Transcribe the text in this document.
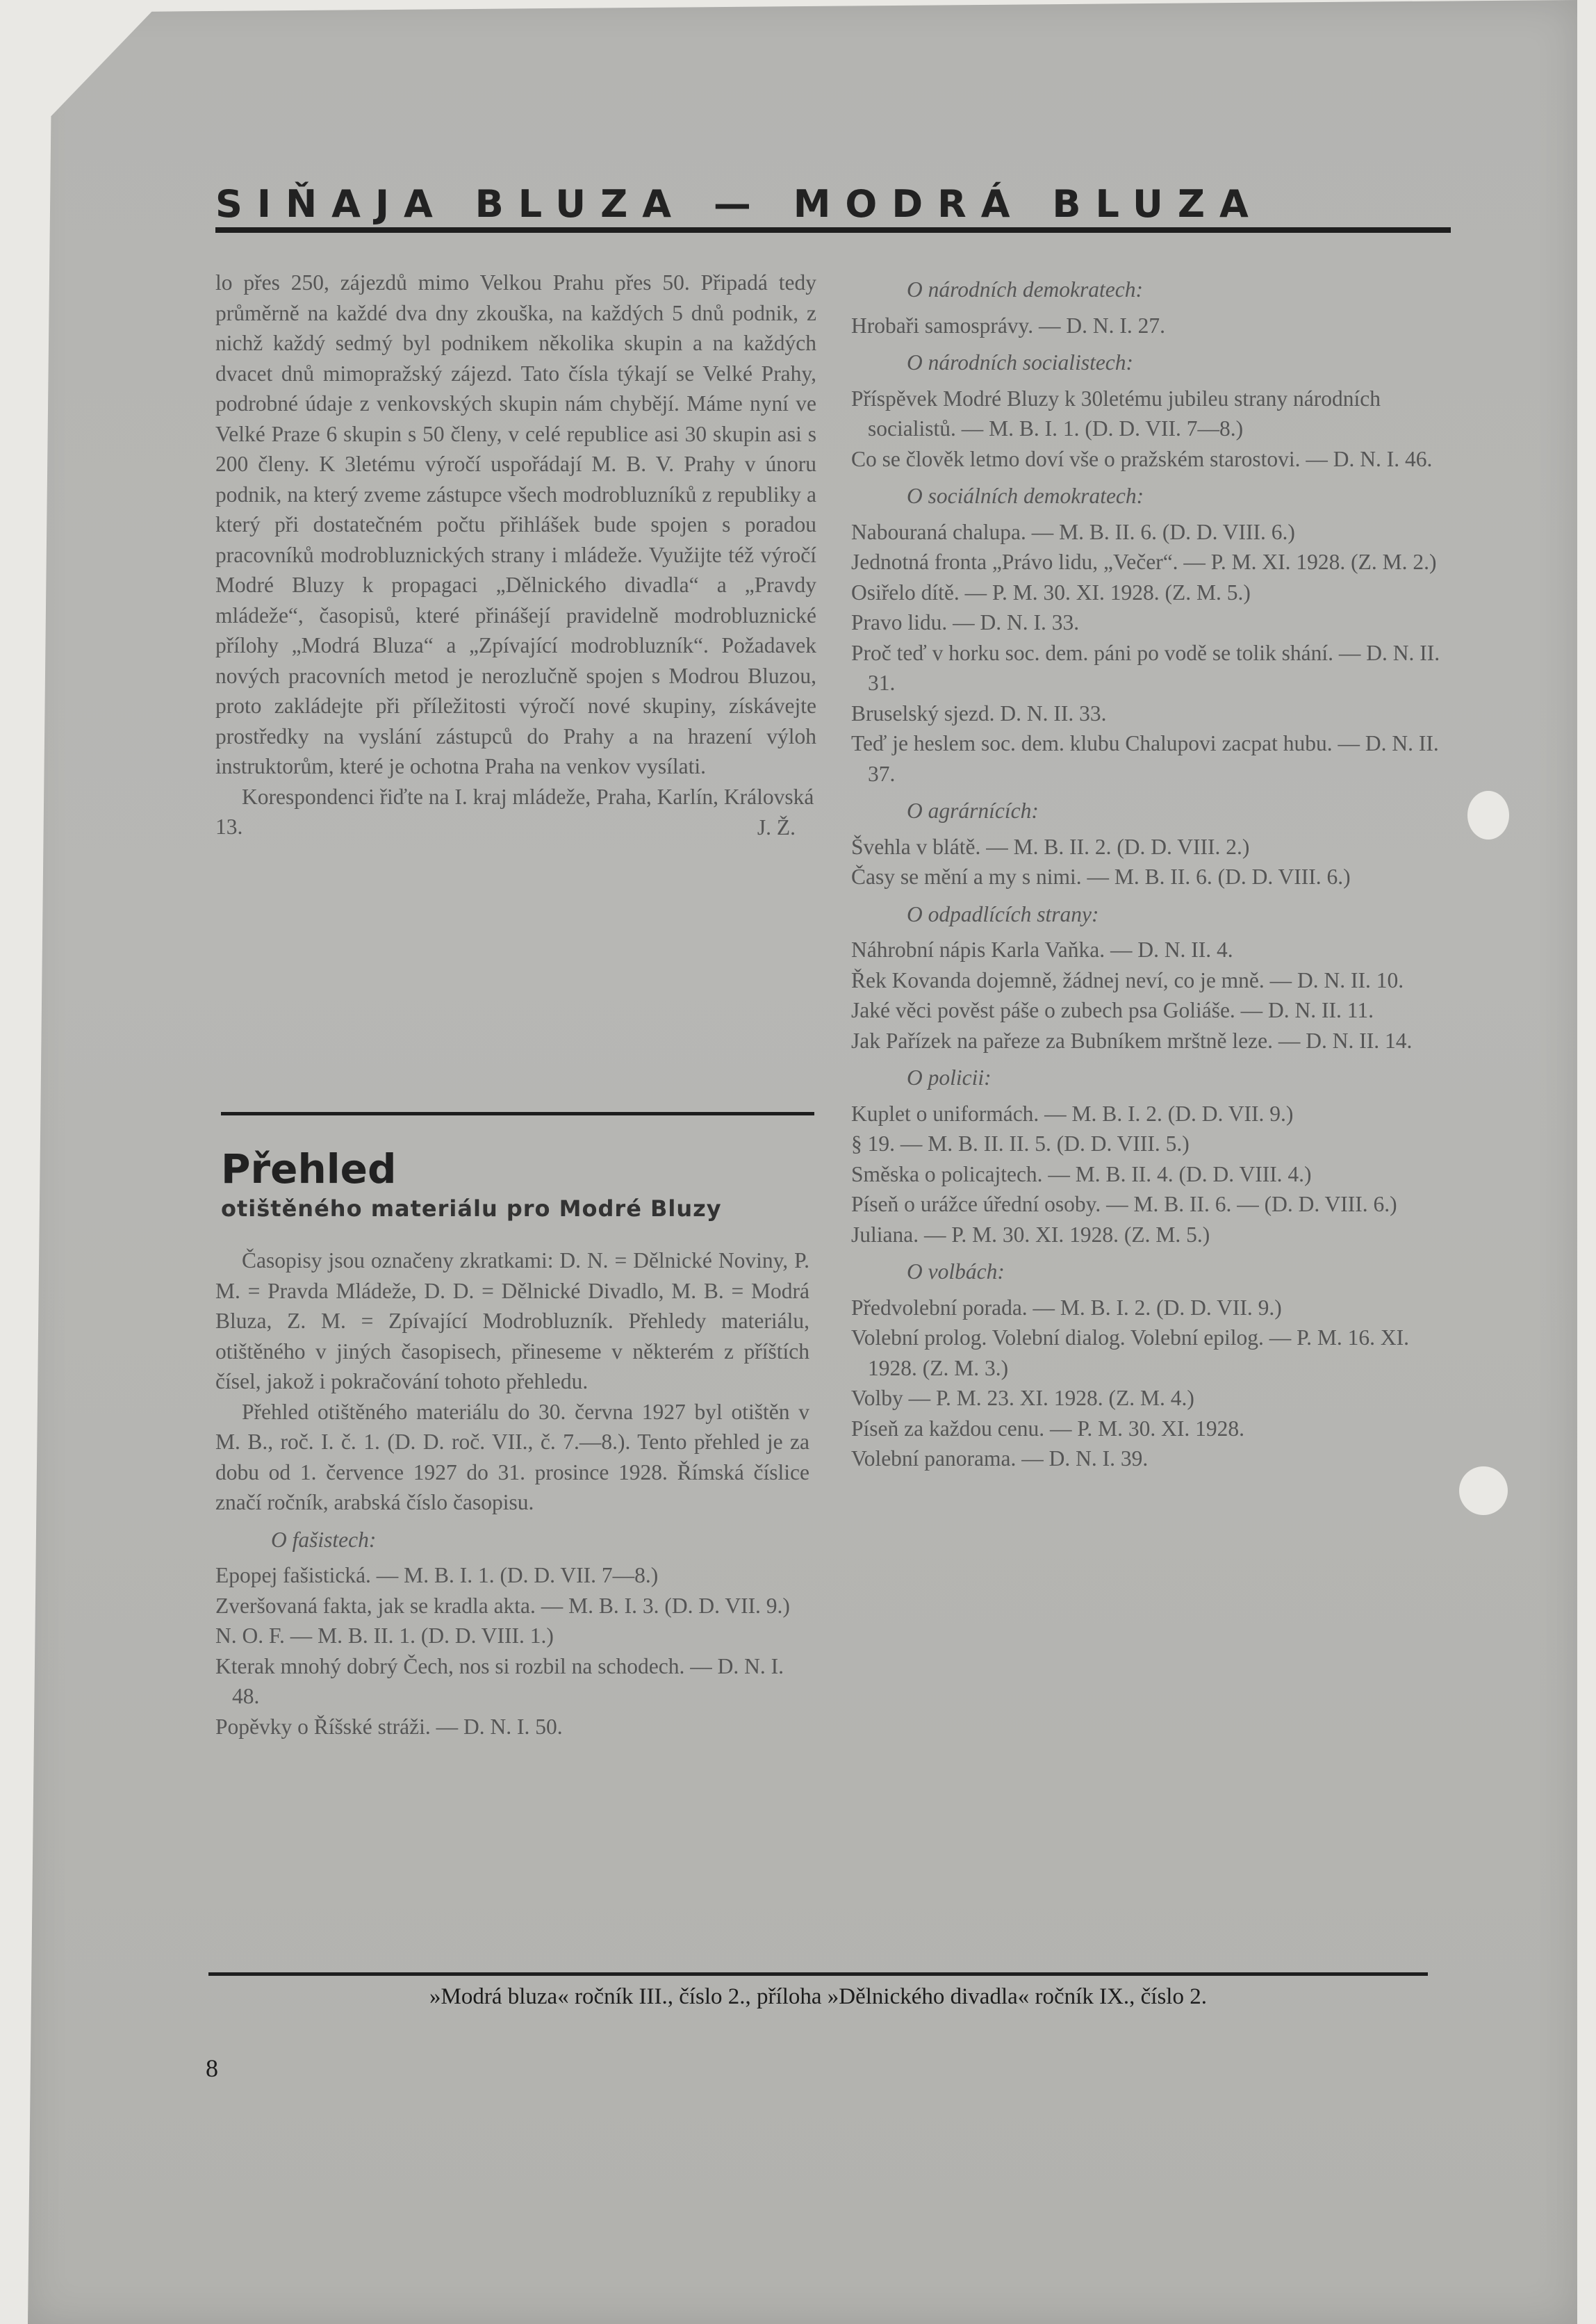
SIŇAJA BLUZA — MODRÁ BLUZA

lo přes 250, zájezdů mimo Velkou Prahu přes 50. Připadá tedy průměrně na každé dva dny zkouška, na každých 5 dnů podnik, z nichž každý sedmý byl podnikem několika skupin a na každých dvacet dnů mimopražský zájezd. Tato čísla týkají se Velké Prahy, podrobné údaje z venkovských skupin nám chybějí. Máme nyní ve Velké Praze 6 skupin s 50 členy, v celé republice asi 30 skupin asi s 200 členy. K 3letému výročí uspořádají M. B. V. Prahy v únoru podnik, na který zveme zástupce všech modrobluzníků z republiky a který při dostatečném počtu přihlášek bude spojen s poradou pracovníků modrobluznických strany i mládeže. Využijte též výročí Modré Bluzy k propagaci „Dělnického divadla“ a „Pravdy mládeže“, časopisů, které přinášejí pravidelně modrobluznické přílohy „Modrá Bluza“ a „Zpívající modrobluzník“. Požadavek nových pracovních metod je nerozlučně spojen s Modrou Bluzou, proto zakládejte při příležitosti výročí nové skupiny, získávejte prostředky na vyslání zástupců do Prahy a na hrazení výloh instruktorům, které je ochotna Praha na venkov vysílati.

Korespondenci řiďte na I. kraj mládeže, Praha, Karlín, Královská 13.	J. Ž.
Přehled
otištěného materiálu pro Modré Bluzy

Časopisy jsou označeny zkratkami: D. N. = Dělnické Noviny, P. M. = Pravda Mládeže, D. D. = Dělnické Divadlo, M. B. = Modrá Bluza, Z. M. = Zpívající Modrobluzník. Přehledy materiálu, otištěného v jiných časopisech, přineseme v některém z příštích čísel, jakož i pokračování tohoto přehledu.

Přehled otištěného materiálu do 30. června 1927 byl otištěn v M. B., roč. I. č. 1. (D. D. roč. VII., č. 7.—8.). Tento přehled je za dobu od 1. července 1927 do 31. prosince 1928. Římská číslice značí ročník, arabská číslo časopisu.

O fašistech:

Epopej fašistická. — M. B. I. 1. (D. D. VII. 7—8.)

Zveršovaná fakta, jak se kradla akta. — M. B. I. 3. (D. D. VII. 9.)

N. O. F. — M. B. II. 1. (D. D. VIII. 1.)

Kterak mnohý dobrý Čech, nos si rozbil na schodech. — D. N. I. 48.

Popěvky o Říšské stráži. — D. N. I. 50.

O národních demokratech:

Hrobaři samosprávy. — D. N. I. 27.

O národních socialistech:

Příspěvek Modré Bluzy k 30letému jubileu strany národních socialistů. — M. B. I. 1. (D. D. VII. 7—8.)

Co se člověk letmo doví vše o pražském starostovi. — D. N. I. 46.

O sociálních demokratech:

Nabouraná chalupa. — M. B. II. 6. (D. D. VIII. 6.)

Jednotná fronta „Právo lidu, „Večer“. — P. M. XI. 1928. (Z. M. 2.)

Osiřelo dítě. — P. M. 30. XI. 1928. (Z. M. 5.)

Pravo lidu. — D. N. I. 33.

Proč teď v horku soc. dem. páni po vodě se tolik shání. — D. N. II. 31.

Bruselský sjezd. D. N. II. 33.

Teď je heslem soc. dem. klubu Chalupovi zacpat hubu. — D. N. II. 37.

O agrárnících:

Švehla v blátě. — M. B. II. 2. (D. D. VIII. 2.)

Časy se mění a my s nimi. — M. B. II. 6. (D. D. VIII. 6.)

O odpadlících strany:

Náhrobní nápis Karla Vaňka. — D. N. II. 4.

Řek Kovanda dojemně, žádnej neví, co je mně. — D. N. II. 10.

Jaké věci pověst páše o zubech psa Goliáše. — D. N. II. 11.

Jak Pařízek na pařeze za Bubníkem mrštně leze. — D. N. II. 14.

O policii:

Kuplet o uniformách. — M. B. I. 2. (D. D. VII. 9.)

§ 19. — M. B. II. II. 5. (D. D. VIII. 5.)

Směska o policajtech. — M. B. II. 4. (D. D. VIII. 4.)

Píseň o urážce úřední osoby. — M. B. II. 6. — (D. D. VIII. 6.)

Juliana. — P. M. 30. XI. 1928. (Z. M. 5.)

O volbách:

Předvolební porada. — M. B. I. 2. (D. D. VII. 9.)

Volební prolog. Volební dialog. Volební epilog. — P. M. 16. XI. 1928. (Z. M. 3.)

Volby — P. M. 23. XI. 1928. (Z. M. 4.)

Píseň za každou cenu. — P. M. 30. XI. 1928.

Volební panorama. — D. N. I. 39.

»Modrá bluza« ročník III., číslo 2., příloha »Dělnického divadla« ročník IX., číslo 2.
8
